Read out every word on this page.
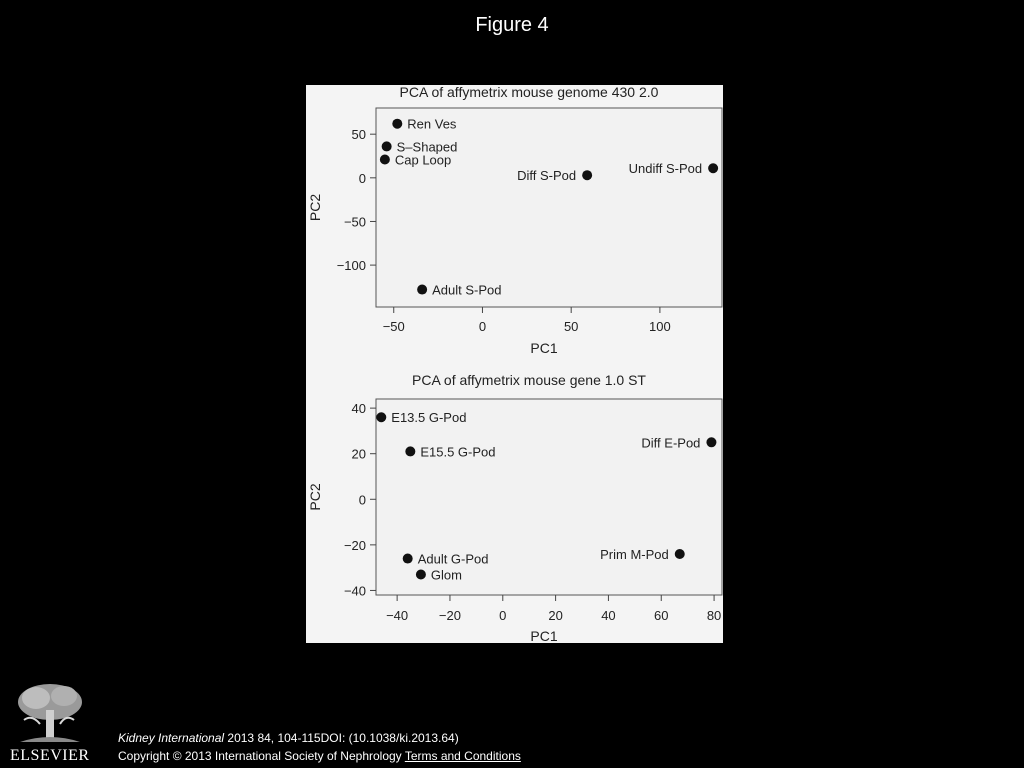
Figure 4
PCA of affymetrix mouse genome 430 2.0
−50	0	50	100
50
0
−50
−100
PC1
PC2
Ren Ves
S–Shaped
Cap Loop
Diff S-Pod	Undiff S-Pod
Adult S-Pod
PCA of affymetrix mouse gene 1.0 ST
−40 −20	0	20	40	60	80
40
20
0
−20
−40
PC1
PC2
E13.5 G-Pod
E15.5 G-Pod
Diff E-Pod
Adult G-Pod
Glom
Prim M-Pod
ELSEVIER
Kidney International 2013 84, 104-115DOI: (10.1038/ki.2013.64)
Copyright © 2013 International Society of Nephrology Terms and Conditions
